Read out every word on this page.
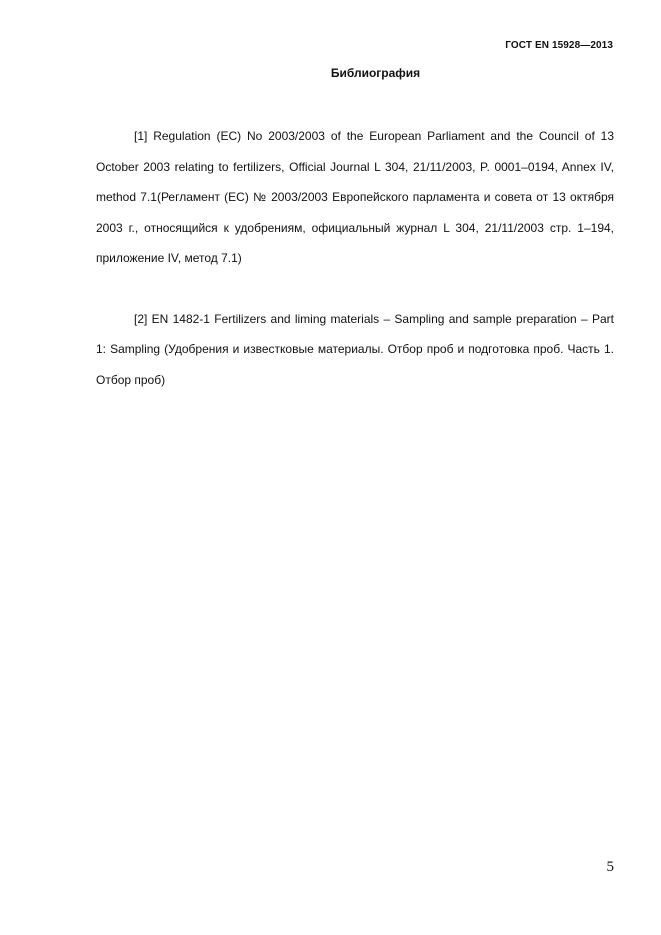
ГОСТ EN 15928—2013
Библиография

[1] Regulation (EC) No 2003/2003 of the European Parliament and the Council of 13 October 2003 relating to fertilizers, Official Journal L 304, 21/11/2003, P. 0001–0194, Annex IV, method 7.1(Регламент (ЕС) № 2003/2003 Европейского парламента и совета от 13 октября 2003 г., относящийся к удобрениям, официальный журнал L 304, 21/11/2003 стр. 1–194, приложение IV, метод 7.1)

[2] EN 1482-1 Fertilizers and liming materials – Sampling and sample preparation – Part 1: Sampling (Удобрения и известковые материалы. Отбор проб и подготовка проб. Часть 1. Отбор проб)

5
